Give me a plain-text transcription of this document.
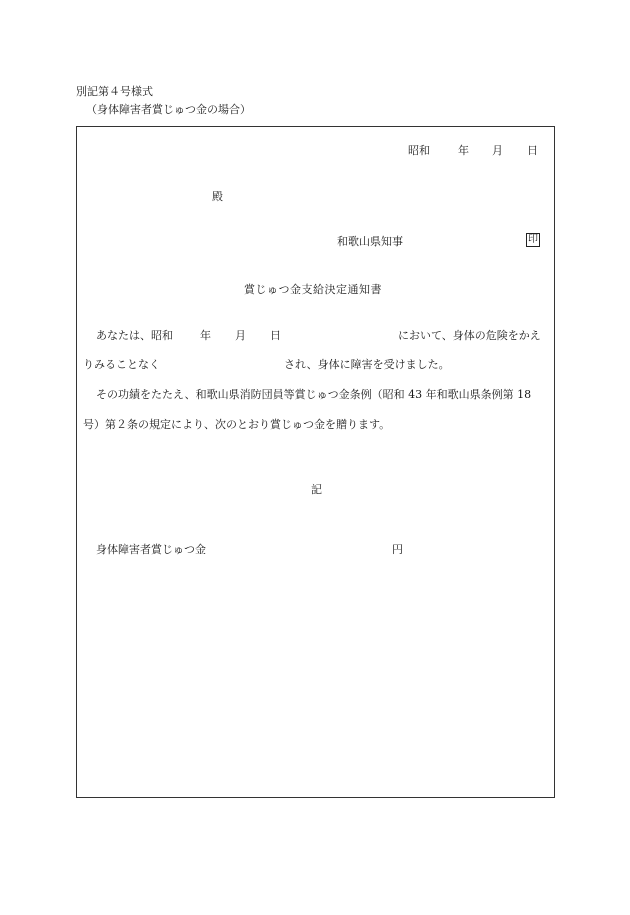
別記第４号様式
（身体障害者賞じゅつ金の場合）
昭和	年 月 日
殿
和歌山県知事	印
賞じゅつ金支給決定通知書
あなたは、昭和 年 月 日	において、身体の危険をかえ
りみることなく	され、身体に障害を受けました。
その功績をたたえ、和歌山県消防団員等賞じゅつ金条例（昭和 43 年和歌山県条例第 18
号）第２条の規定により、次のとおり賞じゅつ金を贈ります。
記
身体障害者賞じゅつ金	円
